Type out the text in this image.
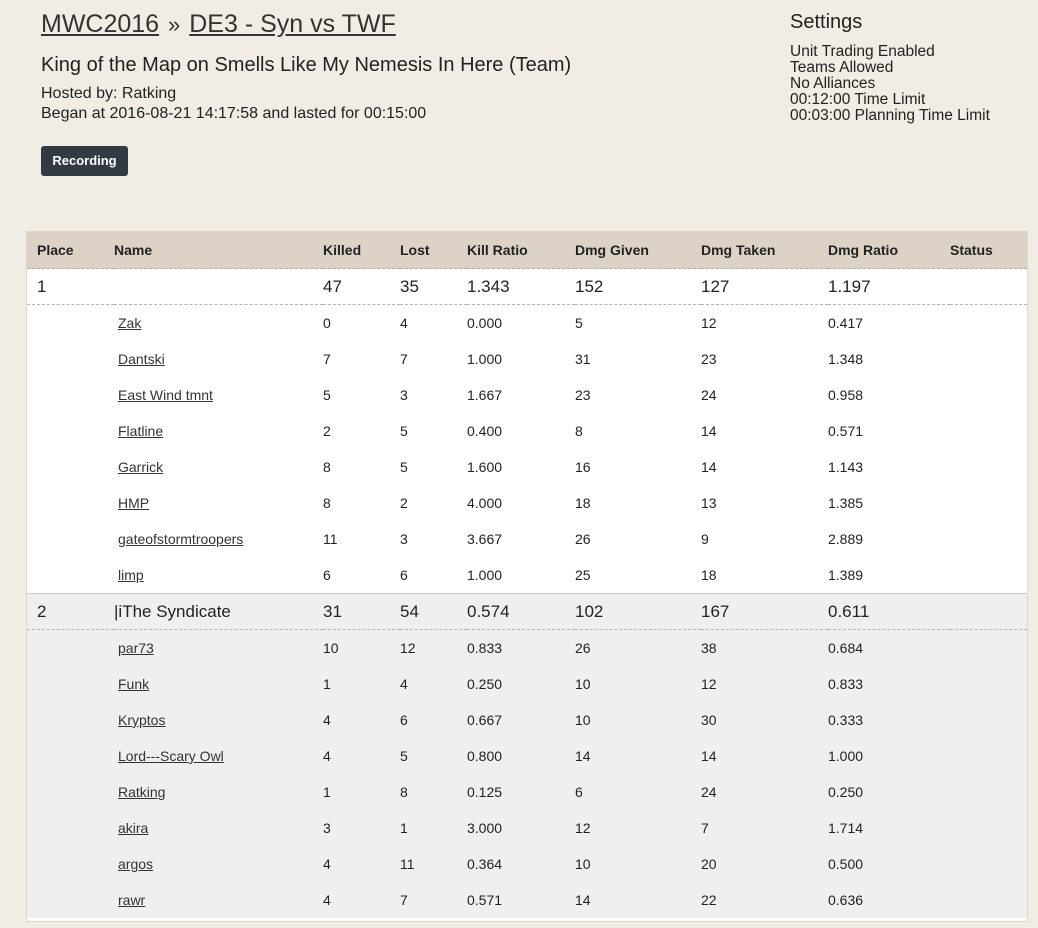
MWC2016 » DE3 - Syn vs TWF
King of the Map on Smells Like My Nemesis In Here (Team)
Hosted by: Ratking
Began at 2016-08-21 14:17:58 and lasted for 00:15:00
Recording
Settings
Unit Trading Enabled
Teams Allowed
No Alliances
00:12:00 Time Limit
00:03:00 Planning Time Limit
Place	Name	Killed	Lost	Kill Ratio	Dmg Given	Dmg Taken	Dmg Ratio	Status
1		47	35	1.343	152	127	1.197	
	Zak	0	4	0.000	5	12	0.417	
	Dantski	7	7	1.000	31	23	1.348	
	East Wind tmnt	5	3	1.667	23	24	0.958	
	Flatline	2	5	0.400	8	14	0.571	
	Garrick	8	5	1.600	16	14	1.143	
	HMP	8	2	4.000	18	13	1.385	
	gateofstormtroopers	11	3	3.667	26	9	2.889	
	limp	6	6	1.000	25	18	1.389	
2	|iThe Syndicate	31	54	0.574	102	167	0.611	
	par73	10	12	0.833	26	38	0.684	
	Funk	1	4	0.250	10	12	0.833	
	Kryptos	4	6	0.667	10	30	0.333	
	Lord---Scary Owl	4	5	0.800	14	14	1.000	
	Ratking	1	8	0.125	6	24	0.250	
	akira	3	1	3.000	12	7	1.714	
	argos	4	11	0.364	10	20	0.500	
	rawr	4	7	0.571	14	22	0.636	
